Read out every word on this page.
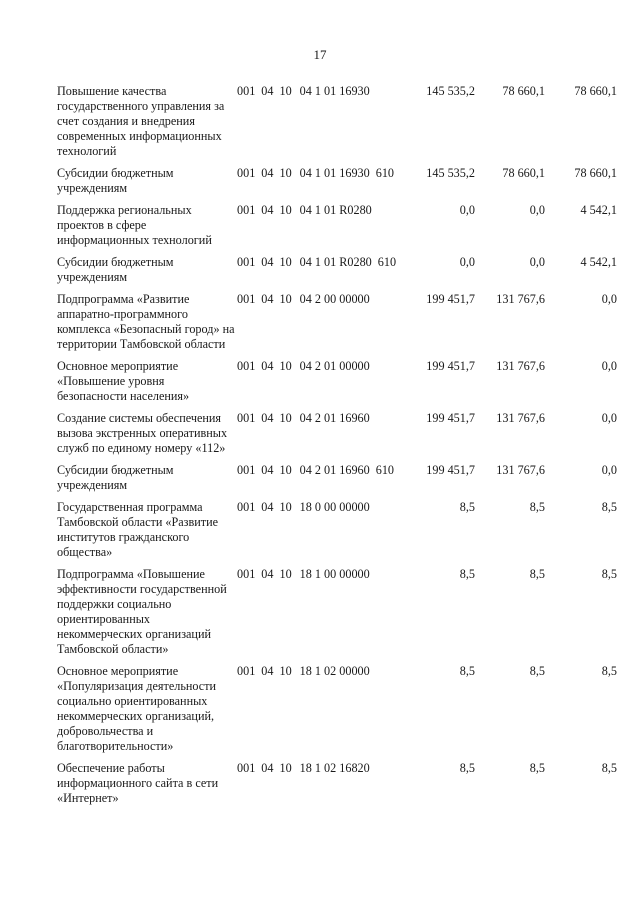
17
Повышение качества государственного управления за счет создания и внедрения современных информационных технологий	001 04 10 04 1 01 16930	145 535,2	78 660,1	78 660,1
Субсидии бюджетным учреждениям	001 04 10 04 1 01 16930 610	145 535,2	78 660,1	78 660,1
Поддержка региональных проектов в сфере информационных технологий	001 04 10 04 1 01 R0280	0,0	0,0	4 542,1
Субсидии бюджетным учреждениям	001 04 10 04 1 01 R0280 610	0,0	0,0	4 542,1
Подпрограмма «Развитие аппаратно-программного комплекса «Безопасный город» на территории Тамбовской области	001 04 10 04 2 00 00000	199 451,7	131 767,6	0,0
Основное мероприятие «Повышение уровня безопасности населения»	001 04 10 04 2 01 00000	199 451,7	131 767,6	0,0
Создание системы обеспечения вызова экстренных оперативных служб по единому номеру «112»	001 04 10 04 2 01 16960	199 451,7	131 767,6	0,0
Субсидии бюджетным учреждениям	001 04 10 04 2 01 16960 610	199 451,7	131 767,6	0,0
Государственная программа Тамбовской области «Развитие институтов гражданского общества»	001 04 10 18 0 00 00000	8,5	8,5	8,5
Подпрограмма «Повышение эффективности государственной поддержки социально ориентированных некоммерческих организаций Тамбовской области»	001 04 10 18 1 00 00000	8,5	8,5	8,5
Основное мероприятие «Популяризация деятельности социально ориентированных некоммерческих организаций, добровольчества и благотворительности»	001 04 10 18 1 02 00000	8,5	8,5	8,5
Обеспечение работы информационного сайта в сети «Интернет»	001 04 10 18 1 02 16820	8,5	8,5	8,5
